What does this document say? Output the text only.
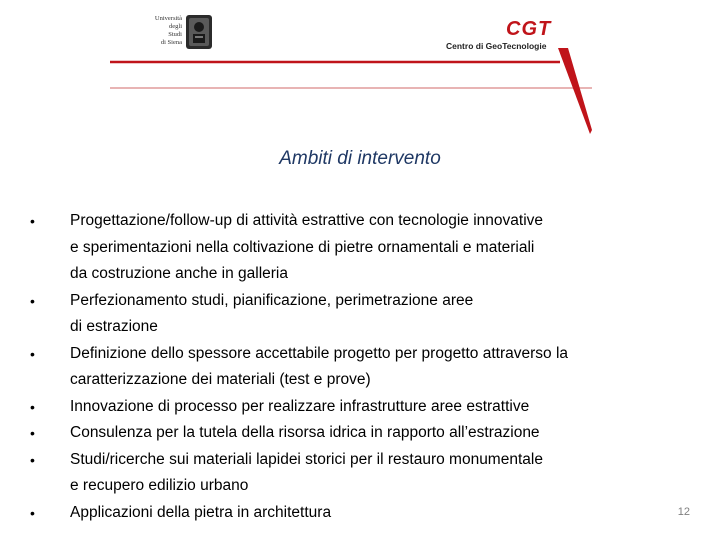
Università
degli
Studi
di Siena
CGT
Centro di GeoTecnologie
Ambiti di intervento
• Progettazione/follow-up di attività estrattive con tecnologie innovative
e sperimentazioni nella coltivazione di pietre ornamentali e materiali
da costruzione anche in galleria
• Perfezionamento studi, pianificazione, perimetrazione aree
di estrazione
• Definizione dello spessore accettabile progetto per progetto attraverso la
caratterizzazione dei materiali (test e prove)
• Innovazione di processo per realizzare infrastrutture aree estrattive
• Consulenza per la tutela della risorsa idrica in rapporto all’estrazione
• Studi/ricerche sui materiali lapidei storici per il restauro monumentale
e recupero edilizio urbano
• Applicazioni della pietra in architettura	12
